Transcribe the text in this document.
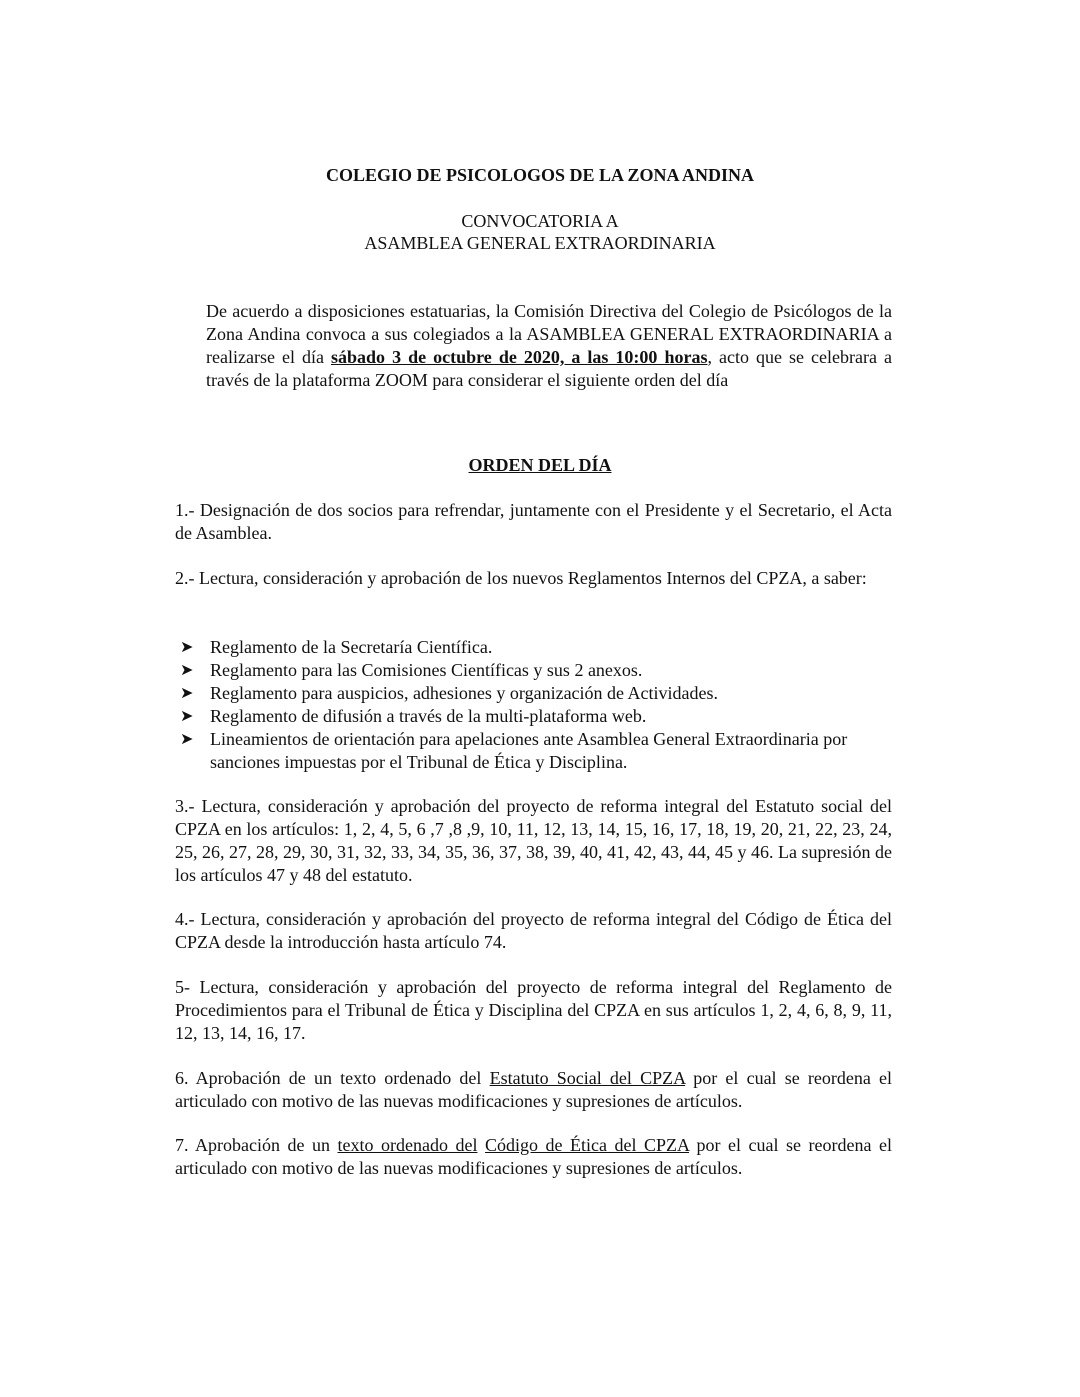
COLEGIO DE PSICOLOGOS DE LA ZONA ANDINA
CONVOCATORIA A
ASAMBLEA GENERAL EXTRAORDINARIA
De acuerdo a disposiciones estatuarias, la Comisión Directiva del Colegio de Psicólogos de la Zona Andina convoca a sus colegiados a la ASAMBLEA GENERAL EXTRAORDINARIA a realizarse el día sábado 3 de octubre de 2020, a las 10:00 horas, acto que se celebrara a través de la plataforma ZOOM para considerar el siguiente orden del día
ORDEN DEL DÍA
1.- Designación de dos socios para refrendar, juntamente con el Presidente y el Secretario, el Acta de Asamblea.
2.- Lectura, consideración y aprobación de los nuevos Reglamentos Internos del CPZA, a saber:
➤ Reglamento de la Secretaría Científica.
➤ Reglamento para las Comisiones Científicas y sus 2 anexos.
➤ Reglamento para auspicios, adhesiones y organización de Actividades.
➤ Reglamento de difusión a través de la multi-plataforma web.
➤ Lineamientos de orientación para apelaciones ante Asamblea General Extraordinaria por sanciones impuestas por el Tribunal de Ética y Disciplina.
3.- Lectura, consideración y aprobación del proyecto de reforma integral del Estatuto social del CPZA en los artículos: 1, 2, 4, 5, 6 ,7 ,8 ,9, 10, 11, 12, 13, 14, 15, 16, 17, 18, 19, 20, 21, 22, 23, 24, 25, 26, 27, 28, 29, 30, 31, 32, 33, 34, 35, 36, 37, 38, 39, 40, 41, 42, 43, 44, 45 y 46. La supresión de los artículos 47 y 48 del estatuto.
4.- Lectura, consideración y aprobación del proyecto de reforma integral del Código de Ética del CPZA desde la introducción hasta artículo 74.
5- Lectura, consideración y aprobación del proyecto de reforma integral del Reglamento de Procedimientos para el Tribunal de Ética y Disciplina del CPZA en sus artículos 1, 2, 4, 6, 8, 9, 11, 12, 13, 14, 16, 17.
6. Aprobación de un texto ordenado del Estatuto Social del CPZA por el cual se reordena el articulado con motivo de las nuevas modificaciones y supresiones de artículos.
7. Aprobación de un texto ordenado del Código de Ética del CPZA por el cual se reordena el articulado con motivo de las nuevas modificaciones y supresiones de artículos.
